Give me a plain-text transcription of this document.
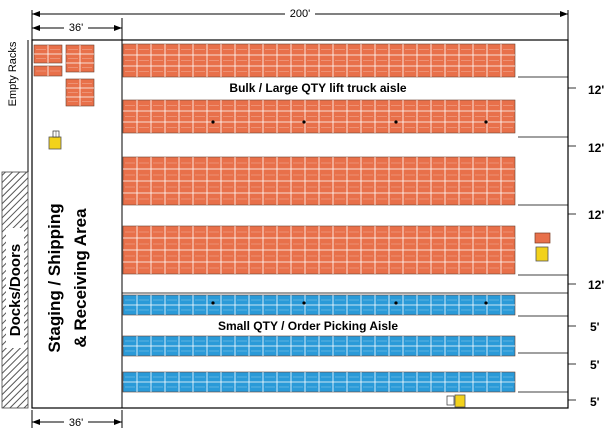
200'
36'
36'
Bulk / Large QTY lift truck aisle
Small QTY / Order Picking Aisle
Empty Racks
Docks/Doors Staging / Shipping & Receiving Area
12'
12'
12'
12'
5'
5'
5'
